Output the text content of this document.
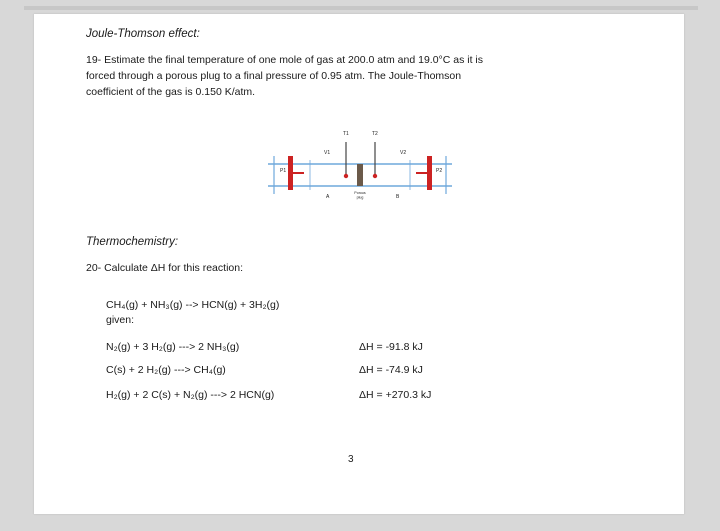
Joule-Thomson effect:
19- Estimate the final temperature of one mole of gas at 200.0 atm and 19.0°C as it is
forced through a porous plug to a final pressure of 0.95 atm. The Joule-Thomson
coefficient of the gas is 0.150 K/atm.
V1
T1	T2
V2
P1	P2
A	B
Porous
plug
Thermochemistry:
20- Calculate ΔH for this reaction:
CH₄(g) + NH₃(g) --> HCN(g) + 3H₂(g)
given:
N₂(g) + 3 H₂(g) ---> 2 NH₃(g)	ΔH = -91.8 kJ
C(s) + 2 H₂(g) ---> CH₄(g)	ΔH = -74.9 kJ
H₂(g) + 2 C(s) + N₂(g) ---> 2 HCN(g)	ΔH = +270.3 kJ
3
